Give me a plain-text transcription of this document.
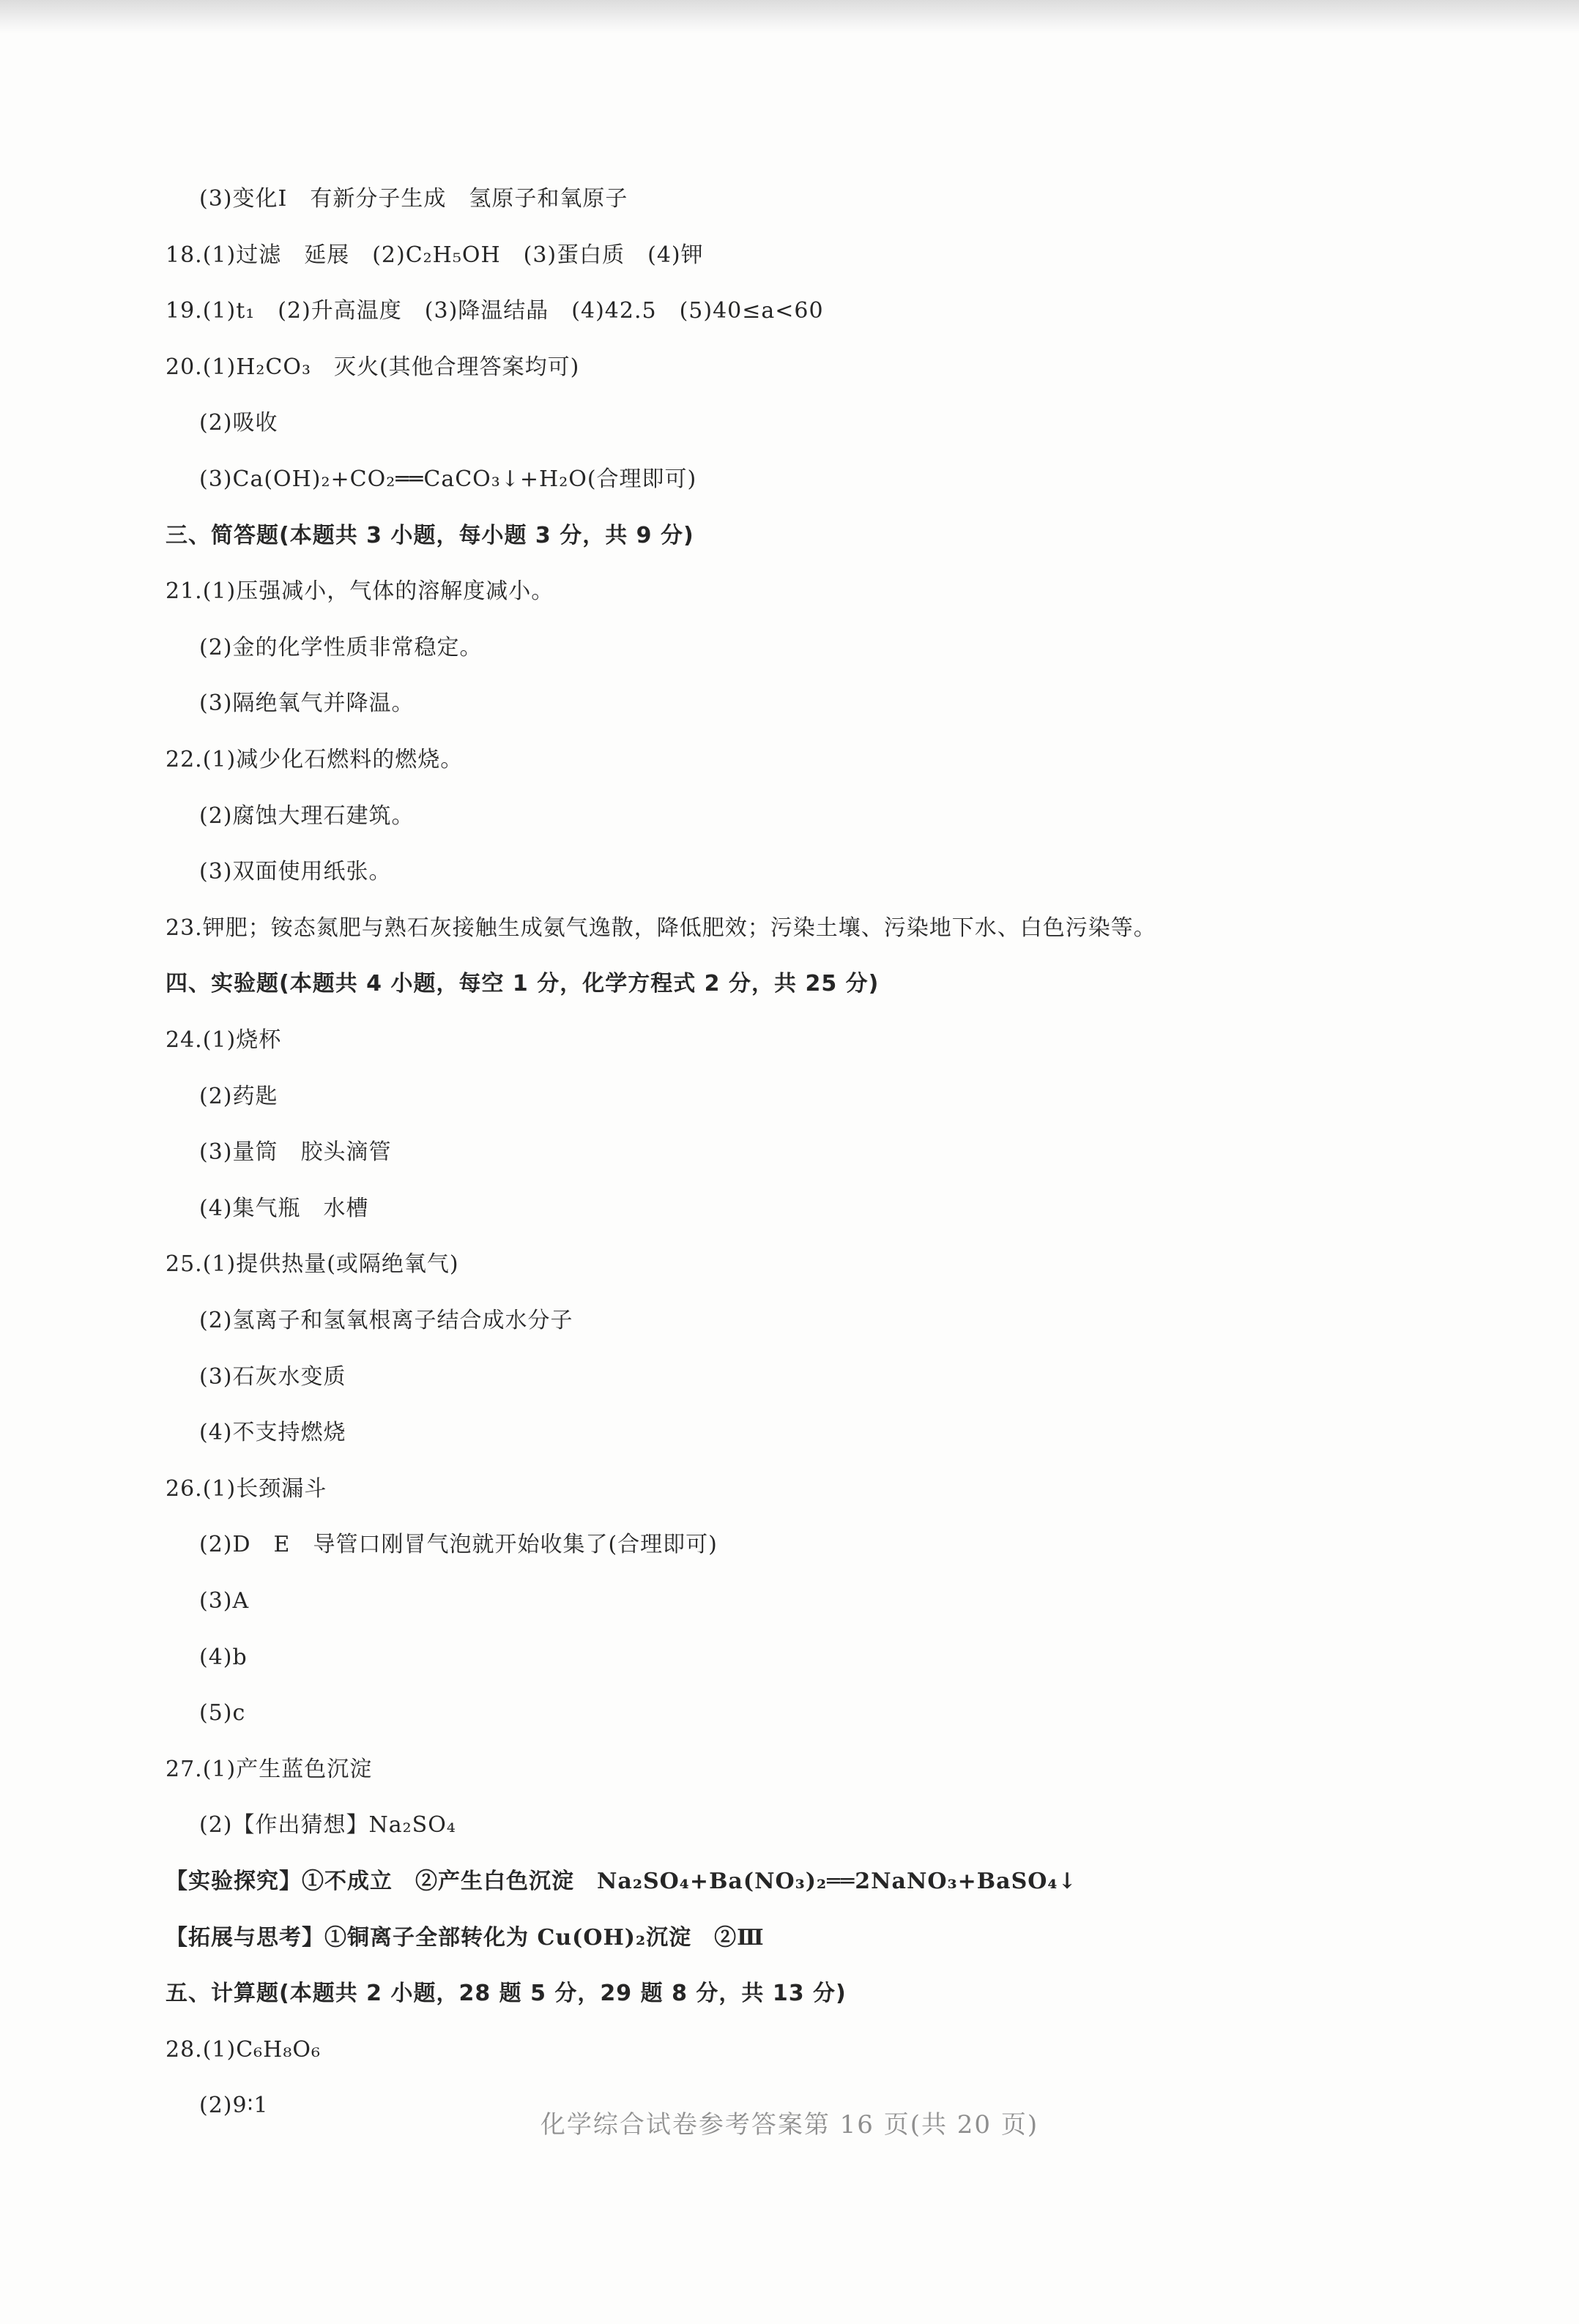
(3)变化Ⅰ　有新分子生成　氢原子和氧原子
18.(1)过滤　延展　(2)C₂H₅OH　(3)蛋白质　(4)钾
19.(1)t₁　(2)升高温度　(3)降温结晶　(4)42.5　(5)40≤a<60
20.(1)H₂CO₃　灭火(其他合理答案均可)
(2)吸收
(3)Ca(OH)₂+CO₂══CaCO₃↓+H₂O(合理即可)
三、简答题(本题共 3 小题，每小题 3 分，共 9 分)
21.(1)压强减小，气体的溶解度减小。
(2)金的化学性质非常稳定。
(3)隔绝氧气并降温。
22.(1)减少化石燃料的燃烧。
(2)腐蚀大理石建筑。
(3)双面使用纸张。
23.钾肥；铵态氮肥与熟石灰接触生成氨气逸散，降低肥效；污染土壤、污染地下水、白色污染等。
四、实验题(本题共 4 小题，每空 1 分，化学方程式 2 分，共 25 分)
24.(1)烧杯
(2)药匙
(3)量筒　胶头滴管
(4)集气瓶　水槽
25.(1)提供热量(或隔绝氧气)
(2)氢离子和氢氧根离子结合成水分子
(3)石灰水变质
(4)不支持燃烧
26.(1)长颈漏斗
(2)D　E　导管口刚冒气泡就开始收集了(合理即可)
(3)A
(4)b
(5)c
27.(1)产生蓝色沉淀
(2)【作出猜想】Na₂SO₄
【实验探究】①不成立　②产生白色沉淀　Na₂SO₄+Ba(NO₃)₂══2NaNO₃+BaSO₄↓
【拓展与思考】①铜离子全部转化为 Cu(OH)₂沉淀　②Ⅲ
五、计算题(本题共 2 小题，28 题 5 分，29 题 8 分，共 13 分)
28.(1)C₆H₈O₆
(2)9∶1
化学综合试卷参考答案第 16 页(共 20 页)
